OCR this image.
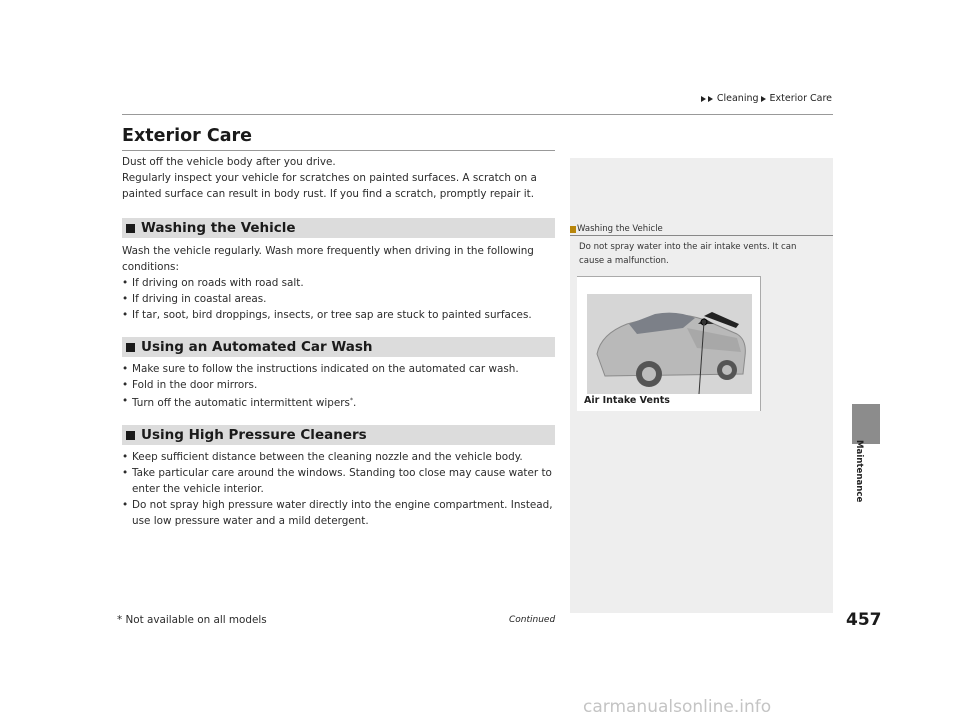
Cleaning Exterior Care
Exterior Care
Dust off the vehicle body after you drive.
Regularly inspect your vehicle for scratches on painted surfaces. A scratch on a
painted surface can result in body rust. If you find a scratch, promptly repair it.
Washing the Vehicle
Wash the vehicle regularly. Wash more frequently when driving in the following
conditions:
• If driving on roads with road salt.
• If driving in coastal areas.
• If tar, soot, bird droppings, insects, or tree sap are stuck to painted surfaces.
Using an Automated Car Wash
• Make sure to follow the instructions indicated on the automated car wash.
• Fold in the door mirrors.
• Turn off the automatic intermittent wipers*.
Using High Pressure Cleaners
• Keep sufficient distance between the cleaning nozzle and the vehicle body.
• Take particular care around the windows. Standing too close may cause water to
enter the vehicle interior.
• Do not spray high pressure water directly into the engine compartment. Instead,
use low pressure water and a mild detergent.
Washing the Vehicle
Do not spray water into the air intake vents. It can
cause a malfunction.
Air Intake Vents
Maintenance
* Not available on all models	Continued	457
carmanualsonline.info
